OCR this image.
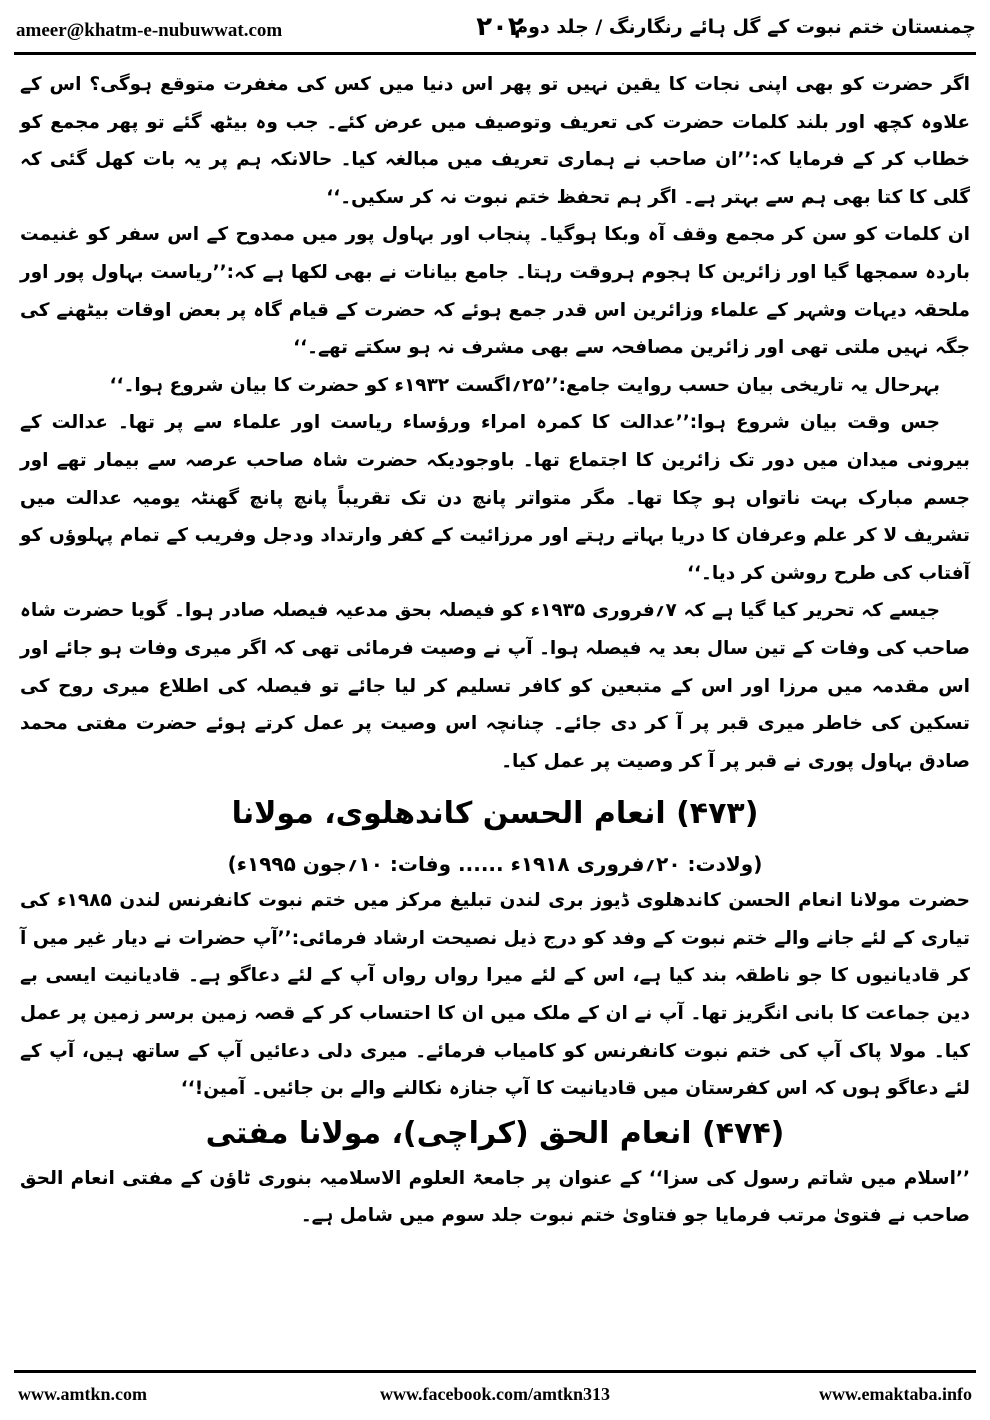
ameer@khatm-e-nubuwwat.com	۲۰۲
چمنستان ختم نبوت کے گل ہائے رنگارنگ / جلد دوم

اگر حضرت کو بھی اپنی نجات کا یقین نہیں تو پھر اس دنیا میں کس کی مغفرت متوقع ہوگی؟ اس کے علاوہ کچھ اور بلند کلمات حضرت کی تعریف وتوصیف میں عرض کئے۔ جب وہ بیٹھ گئے تو پھر مجمع کو خطاب کر کے فرمایا کہ:’’ان صاحب نے ہماری تعریف میں مبالغہ کیا۔ حالانکہ ہم پر یہ بات کھل گئی کہ گلی کا کتا بھی ہم سے بہتر ہے۔ اگر ہم تحفظ ختم نبوت نہ کر سکیں۔‘‘

ان کلمات کو سن کر مجمع وقف آہ وبکا ہوگیا۔ پنجاب اور بہاول پور میں ممدوح کے اس سفر کو غنیمت باردہ سمجھا گیا اور زائرین کا ہجوم ہروقت رہتا۔ جامع بیانات نے بھی لکھا ہے کہ:’’ریاست بہاول پور اور ملحقہ دیہات وشہر کے علماء وزائرین اس قدر جمع ہوئے کہ حضرت کے قیام گاہ پر بعض اوقات بیٹھنے کی جگہ نہیں ملتی تھی اور زائرین مصافحہ سے بھی مشرف نہ ہو سکتے تھے۔‘‘

بہرحال یہ تاریخی بیان حسب روایت جامع:’’۲۵؍اگست ۱۹۳۲ء کو حضرت کا بیان شروع ہوا۔‘‘

جس وقت بیان شروع ہوا:’’عدالت کا کمرہ امراء ورؤساء ریاست اور علماء سے پر تھا۔ عدالت کے بیرونی میدان میں دور تک زائرین کا اجتماع تھا۔ باوجودیکہ حضرت شاہ صاحب عرصہ سے بیمار تھے اور جسم مبارک بہت ناتواں ہو چکا تھا۔ مگر متواتر پانچ دن تک تقریباً پانچ پانچ گھنٹہ یومیہ عدالت میں تشریف لا کر علم وعرفان کا دریا بہاتے رہتے اور مرزائیت کے کفر وارتداد ودجل وفریب کے تمام پہلوؤں کو آفتاب کی طرح روشن کر دیا۔‘‘

جیسے کہ تحریر کیا گیا ہے کہ ۷؍فروری ۱۹۳۵ء کو فیصلہ بحق مدعیہ فیصلہ صادر ہوا۔ گویا حضرت شاہ صاحب کی وفات کے تین سال بعد یہ فیصلہ ہوا۔ آپ نے وصیت فرمائی تھی کہ اگر میری وفات ہو جائے اور اس مقدمہ میں مرزا اور اس کے متبعین کو کافر تسلیم کر لیا جائے تو فیصلہ کی اطلاع میری روح کی تسکین کی خاطر میری قبر پر آ کر دی جائے۔ چنانچہ اس وصیت پر عمل کرتے ہوئے حضرت مفتی محمد صادق بہاول پوری نے قبر پر آ کر وصیت پر عمل کیا۔

(۴۷۳) انعام الحسن کاندھلوی، مولانا
(ولادت: ۲۰؍فروری ۱۹۱۸ء ...... وفات: ۱۰؍جون ۱۹۹۵ء)

حضرت مولانا انعام الحسن کاندھلوی ڈیوز بری لندن تبلیغ مرکز میں ختم نبوت کانفرنس لندن ۱۹۸۵ء کی تیاری کے لئے جانے والے ختم نبوت کے وفد کو درج ذیل نصیحت ارشاد فرمائی:’’آپ حضرات نے دیار غیر میں آ کر قادیانیوں کا جو ناطقہ بند کیا ہے، اس کے لئے میرا رواں رواں آپ کے لئے دعاگو ہے۔ قادیانیت ایسی بے دین جماعت کا بانی انگریز تھا۔ آپ نے ان کے ملک میں ان کا احتساب کر کے قصہ زمین برسر زمین پر عمل کیا۔ مولا پاک آپ کی ختم نبوت کانفرنس کو کامیاب فرمائے۔ میری دلی دعائیں آپ کے ساتھ ہیں، آپ کے لئے دعاگو ہوں کہ اس کفرستان میں قادیانیت کا آپ جنازہ نکالنے والے بن جائیں۔ آمین!‘‘

(۴۷۴) انعام الحق (کراچی)، مولانا مفتی

’’اسلام میں شاتم رسول کی سزا‘‘ کے عنوان پر جامعۃ العلوم الاسلامیہ بنوری ٹاؤن کے مفتی انعام الحق صاحب نے فتویٰ مرتب فرمایا جو فتاویٰ ختم نبوت جلد سوم میں شامل ہے۔

www.amtkn.com	www.facebook.com/amtkn313	www.emaktaba.info
